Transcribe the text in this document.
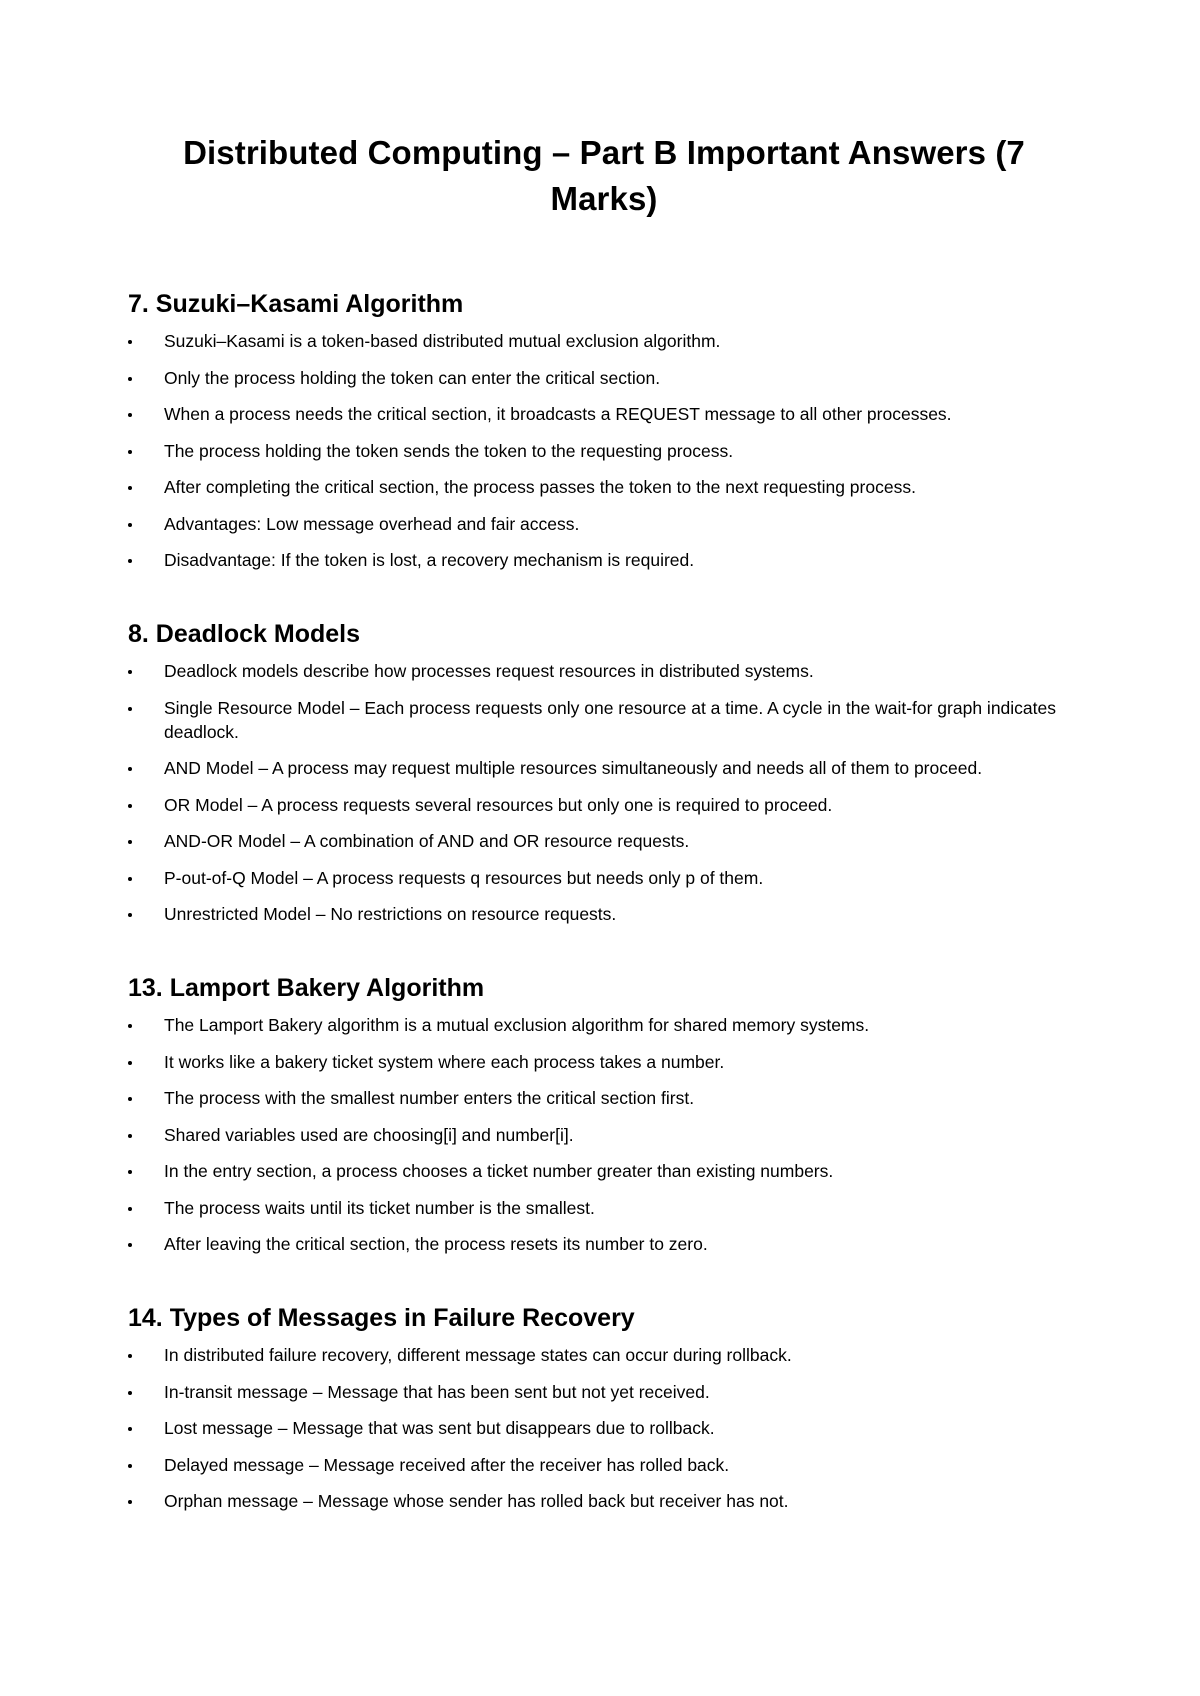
Distributed Computing – Part B Important Answers (7 Marks)
7. Suzuki–Kasami Algorithm
Suzuki–Kasami is a token-based distributed mutual exclusion algorithm.
Only the process holding the token can enter the critical section.
When a process needs the critical section, it broadcasts a REQUEST message to all other processes.
The process holding the token sends the token to the requesting process.
After completing the critical section, the process passes the token to the next requesting process.
Advantages: Low message overhead and fair access.
Disadvantage: If the token is lost, a recovery mechanism is required.
8. Deadlock Models
Deadlock models describe how processes request resources in distributed systems.
Single Resource Model – Each process requests only one resource at a time. A cycle in the wait-for graph indicates deadlock.
AND Model – A process may request multiple resources simultaneously and needs all of them to proceed.
OR Model – A process requests several resources but only one is required to proceed.
AND-OR Model – A combination of AND and OR resource requests.
P-out-of-Q Model – A process requests q resources but needs only p of them.
Unrestricted Model – No restrictions on resource requests.
13. Lamport Bakery Algorithm
The Lamport Bakery algorithm is a mutual exclusion algorithm for shared memory systems.
It works like a bakery ticket system where each process takes a number.
The process with the smallest number enters the critical section first.
Shared variables used are choosing[i] and number[i].
In the entry section, a process chooses a ticket number greater than existing numbers.
The process waits until its ticket number is the smallest.
After leaving the critical section, the process resets its number to zero.
14. Types of Messages in Failure Recovery
In distributed failure recovery, different message states can occur during rollback.
In-transit message – Message that has been sent but not yet received.
Lost message – Message that was sent but disappears due to rollback.
Delayed message – Message received after the receiver has rolled back.
Orphan message – Message whose sender has rolled back but receiver has not.
